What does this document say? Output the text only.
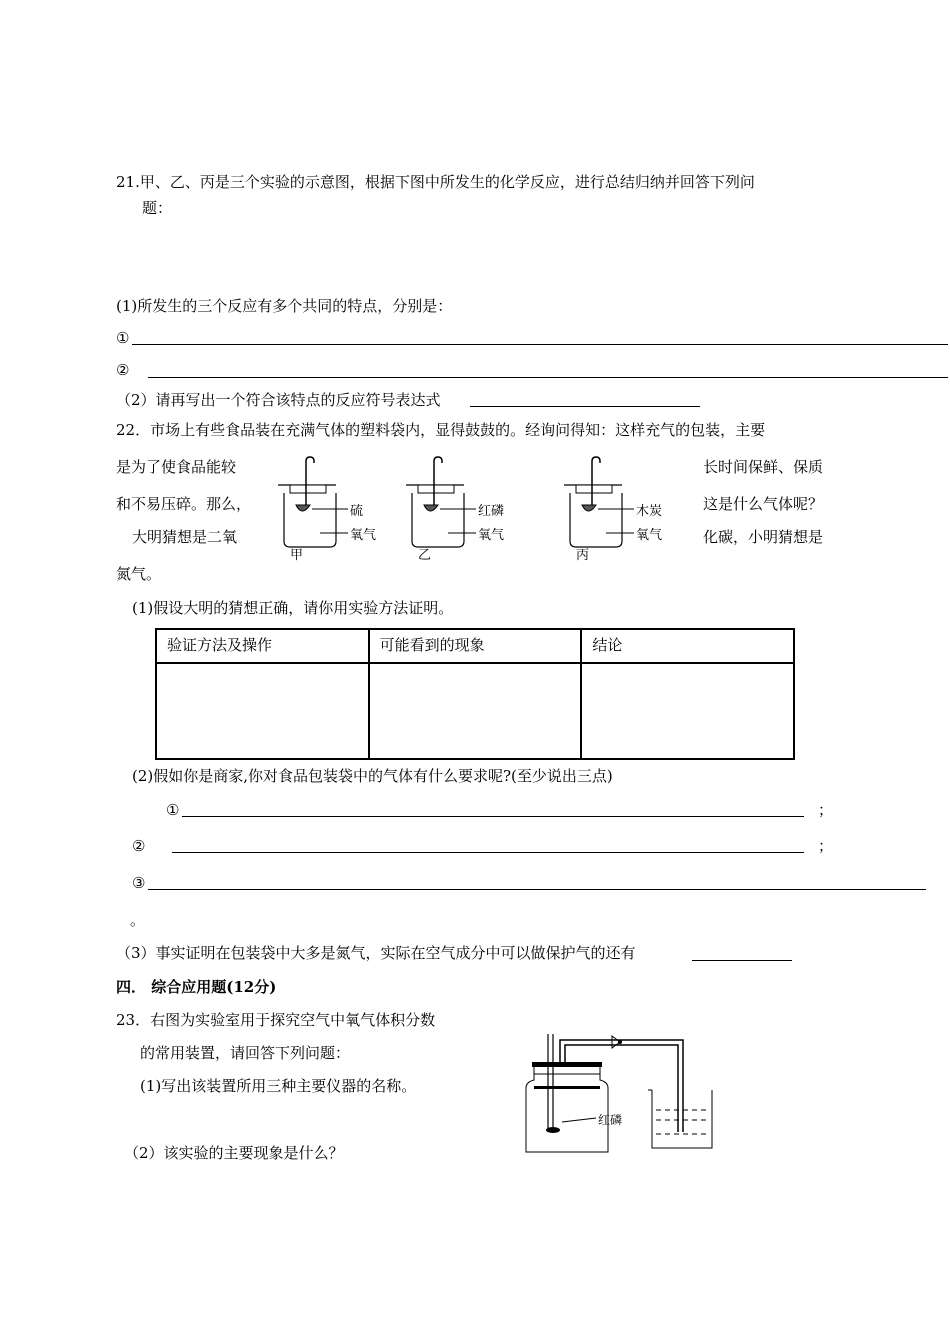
21.甲、乙、丙是三个实验的示意图，根据下图中所发生的化学反应，进行总结归纳并回答下列问
题：
(1)所发生的三个反应有多个共同的特点，分别是：
①
②
（2）请再写出一个符合该特点的反应符号表达式
22．市场上有些食品装在充满气体的塑料袋内，显得鼓鼓的。经询问得知：这样充气的包装，主要
是为了使食品能较	长时间保鲜、保质
和不易压碎。那么，	这是什么气体呢？
大明猜想是二氧	化碳，小明猜想是
氮气。
硫
氧气
甲
红磷
氧气
乙
木炭
氧气
丙
(1)假设大明的猜想正确，请你用实验方法证明。
验证方法及操作	可能看到的现象	结论

(2)假如你是商家,你对食品包装袋中的气体有什么要求呢?(至少说出三点)
①	；
②	；
③
。
（3）事实证明在包装袋中大多是氮气，实际在空气成分中可以做保护气的还有
四． 综合应用题(12分)
23．右图为实验室用于探究空气中氧气体积分数
的常用装置，请回答下列问题：
(1)写出该装置所用三种主要仪器的名称。
（2）该实验的主要现象是什么？
红磷
